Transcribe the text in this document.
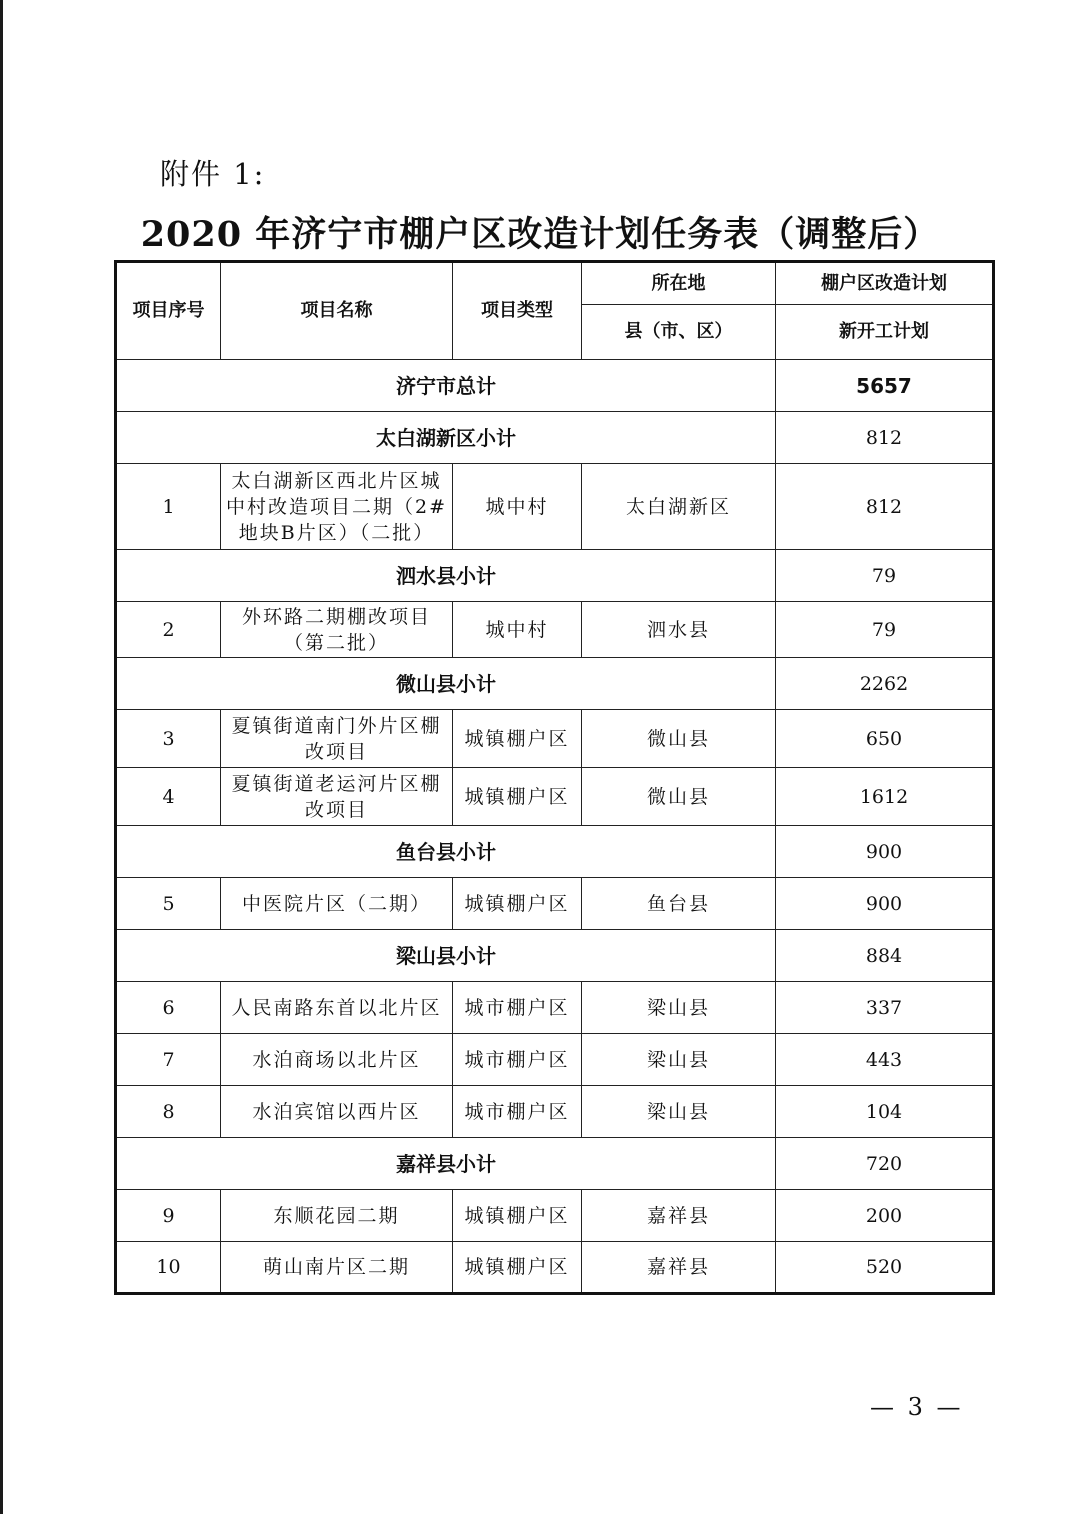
附件 1:
2020 年济宁市棚户区改造计划任务表（调整后）
项目序号	项目名称	项目类型	所在地	棚户区改造计划
			县（市、区）	新开工计划
济宁市总计				5657
太白湖新区小计				812
1	太白湖新区西北片区城中村改造项目二期（2#地块B片区）（二批）	城中村	太白湖新区	812
泗水县小计				79
2	外环路二期棚改项目（第二批）	城中村	泗水县	79
微山县小计				2262
3	夏镇街道南门外片区棚改项目	城镇棚户区	微山县	650
4	夏镇街道老运河片区棚改项目	城镇棚户区	微山县	1612
鱼台县小计				900
5	中医院片区（二期）	城镇棚户区	鱼台县	900
梁山县小计				884
6	人民南路东首以北片区	城市棚户区	梁山县	337
7	水泊商场以北片区	城市棚户区	梁山县	443
8	水泊宾馆以西片区	城市棚户区	梁山县	104
嘉祥县小计				720
9	东顺花园二期	城镇棚户区	嘉祥县	200
10	萌山南片区二期	城镇棚户区	嘉祥县	520
— 3 —
